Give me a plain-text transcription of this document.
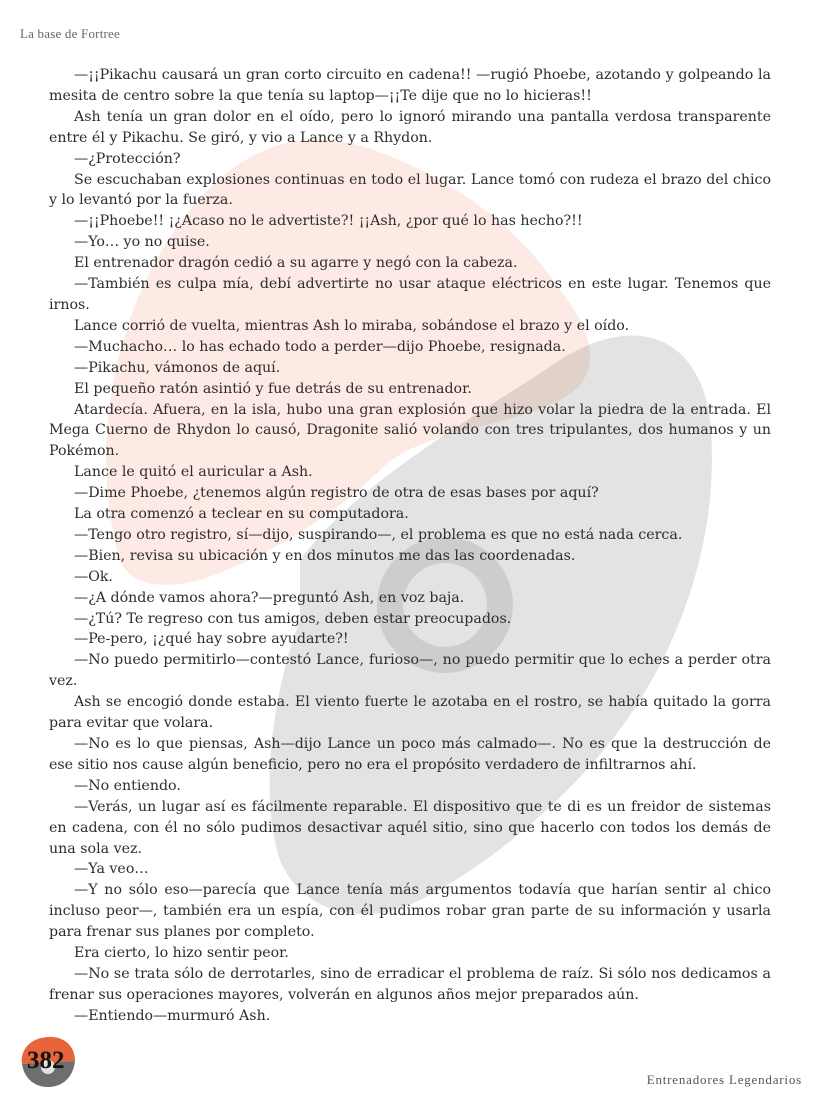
La base de Fortree

—¡¡Pikachu causará un gran corto circuito en cadena!! —rugió Phoebe, azotando y golpeando la mesita de centro sobre la que tenía su laptop—¡¡Te dije que no lo hicieras!!

Ash tenía un gran dolor en el oído, pero lo ignoró mirando una pantalla verdosa transparente entre él y Pikachu. Se giró, y vio a Lance y a Rhydon.

—¿Protección?

Se escuchaban explosiones continuas en todo el lugar. Lance tomó con rudeza el brazo del chico y lo levantó por la fuerza.

—¡¡Phoebe!! ¡¿Acaso no le advertiste?! ¡¡Ash, ¿por qué lo has hecho?!!

—Yo… yo no quise.

El entrenador dragón cedió a su agarre y negó con la cabeza.

—También es culpa mía, debí advertirte no usar ataque eléctricos en este lugar. Tenemos que irnos.

Lance corrió de vuelta, mientras Ash lo miraba, sobándose el brazo y el oído.

—Muchacho… lo has echado todo a perder—dijo Phoebe, resignada.

—Pikachu, vámonos de aquí.

El pequeño ratón asintió y fue detrás de su entrenador.

Atardecía. Afuera, en la isla, hubo una gran explosión que hizo volar la piedra de la entrada. El Mega Cuerno de Rhydon lo causó, Dragonite salió volando con tres tripulantes, dos humanos y un Pokémon.

Lance le quitó el auricular a Ash.

—Dime Phoebe, ¿tenemos algún registro de otra de esas bases por aquí?

La otra comenzó a teclear en su computadora.

—Tengo otro registro, sí—dijo, suspirando—, el problema es que no está nada cerca.

—Bien, revisa su ubicación y en dos minutos me das las coordenadas.

—Ok.

—¿A dónde vamos ahora?—preguntó Ash, en voz baja.

—¿Tú? Te regreso con tus amigos, deben estar preocupados.

—Pe-pero, ¡¿qué hay sobre ayudarte?!

—No puedo permitirlo—contestó Lance, furioso—, no puedo permitir que lo eches a perder otra vez.

Ash se encogió donde estaba. El viento fuerte le azotaba en el rostro, se había quitado la gorra para evitar que volara.

—No es lo que piensas, Ash—dijo Lance un poco más calmado—. No es que la destrucción de ese sitio nos cause algún beneficio, pero no era el propósito verdadero de infiltrarnos ahí.

—No entiendo.

—Verás, un lugar así es fácilmente reparable. El dispositivo que te di es un freidor de sistemas en cadena, con él no sólo pudimos desactivar aquél sitio, sino que hacerlo con todos los demás de una sola vez.

—Ya veo…

—Y no sólo eso—parecía que Lance tenía más argumentos todavía que harían sentir al chico incluso peor—, también era un espía, con él pudimos robar gran parte de su información y usarla para frenar sus planes por completo.

Era cierto, lo hizo sentir peor.

—No se trata sólo de derrotarles, sino de erradicar el problema de raíz. Si sólo nos dedicamos a frenar sus operaciones mayores, volverán en algunos años mejor preparados aún.

—Entiendo—murmuró Ash.

382
Entrenadores Legendarios
